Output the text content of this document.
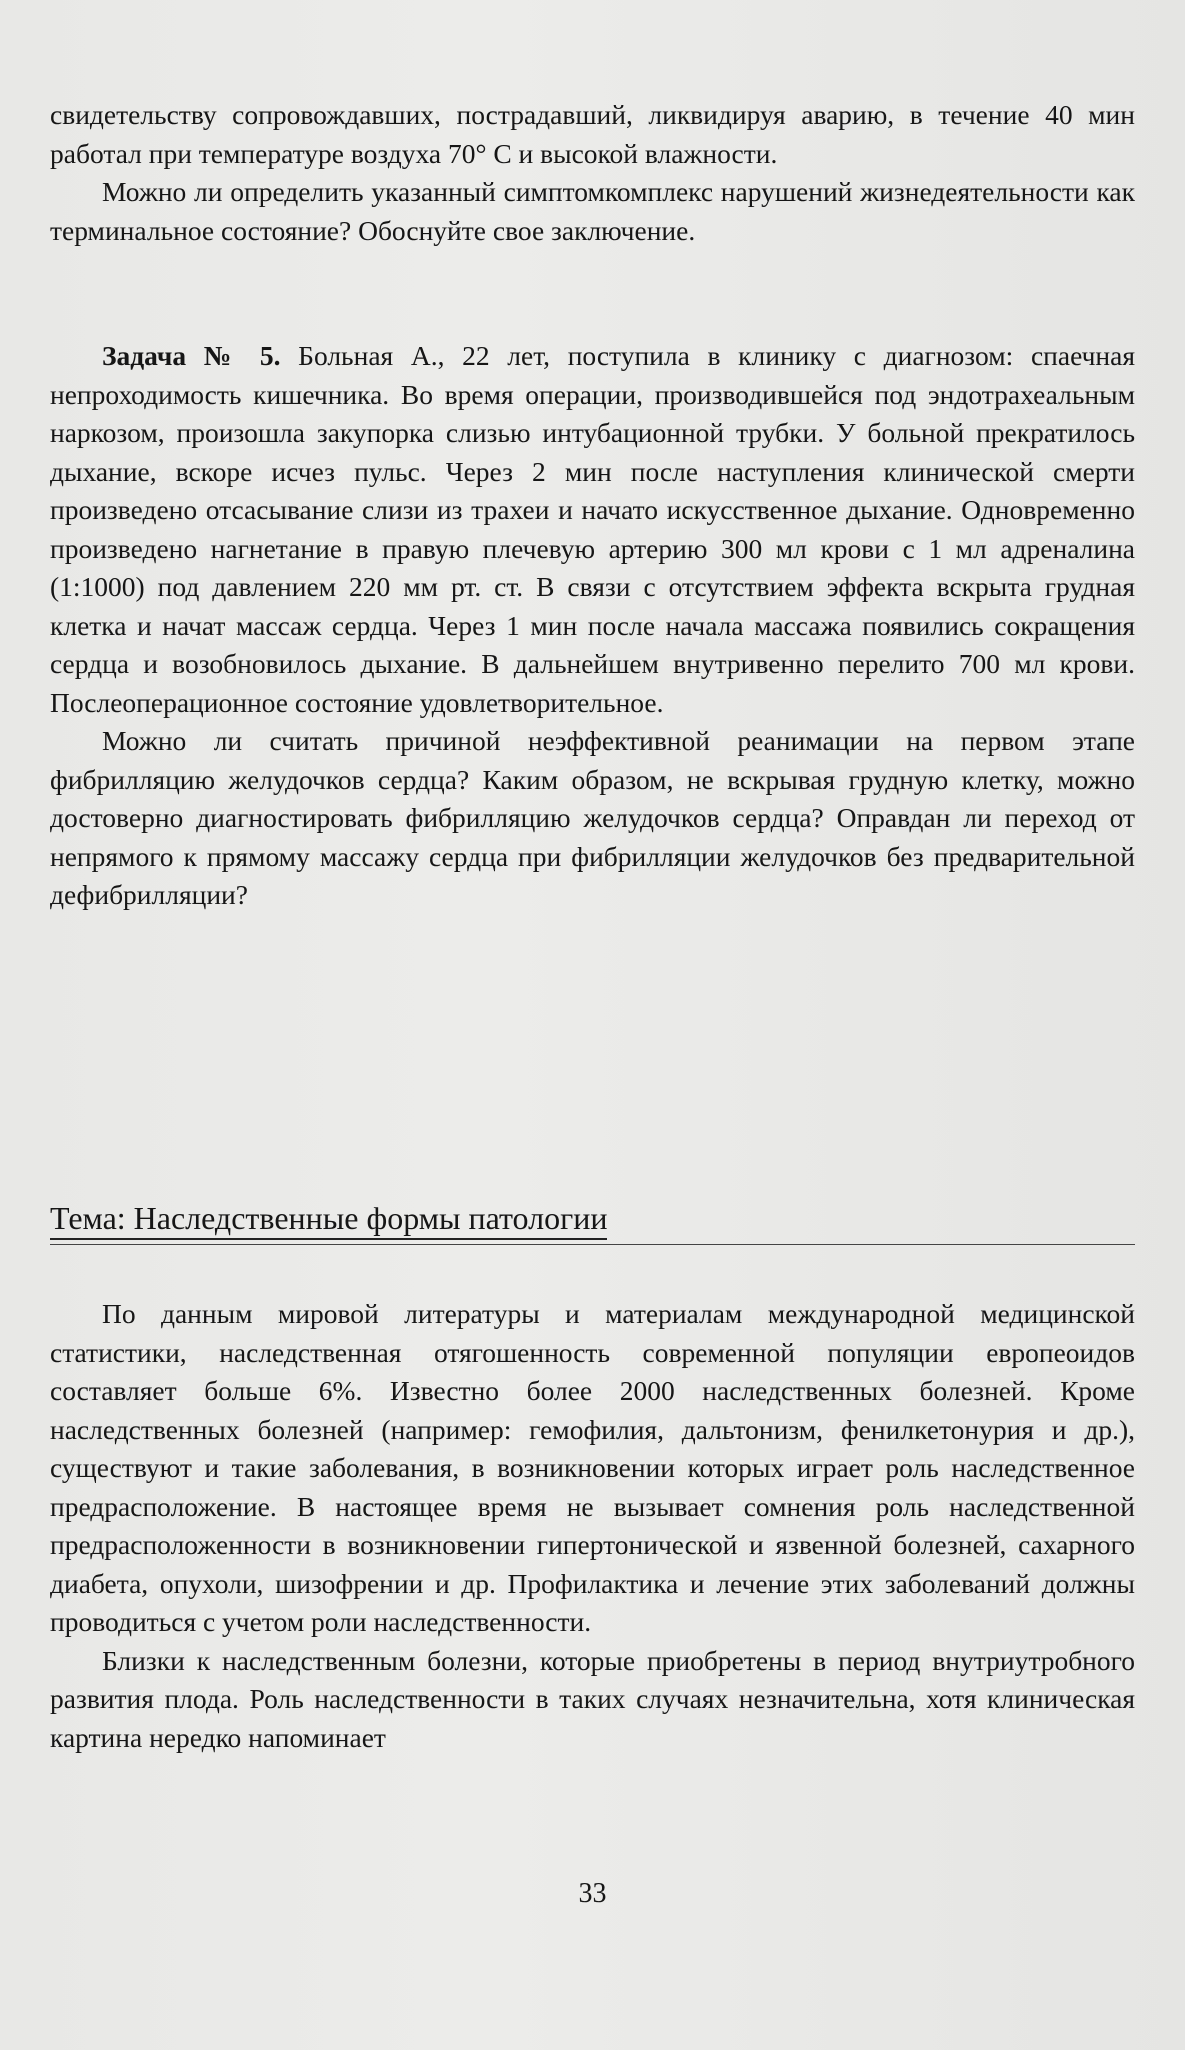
свидетельству сопровождавших, пострадавший, ликвидируя аварию, в течение 40 мин работал при температуре воздуха 70° С и высокой влажности.

Можно ли определить указанный симптомкомплекс нарушений жизнедеятельности как терминальное состояние? Обоснуйте свое заключение.

Задача № 5. Больная А., 22 лет, поступила в клинику с диагнозом: спаечная непроходимость кишечника. Во время операции, производившейся под эндотрахеальным наркозом, произошла закупорка слизью интубационной трубки. У больной прекратилось дыхание, вскоре исчез пульс. Через 2 мин после наступления клинической смерти произведено отсасывание слизи из трахеи и начато искусственное дыхание. Одновременно произведено нагнетание в правую плечевую артерию 300 мл крови с 1 мл адреналина (1:1000) под давлением 220 мм рт. ст. В связи с отсутствием эффекта вскрыта грудная клетка и начат массаж сердца. Через 1 мин после начала массажа появились сокращения сердца и возобновилось дыхание. В дальнейшем внутривенно перелито 700 мл крови. Послеоперационное состояние удовлетворительное.

Можно ли считать причиной неэффективной реанимации на первом этапе фибрилляцию желудочков сердца? Каким образом, не вскрывая грудную клетку, можно достоверно диагностировать фибрилляцию желудочков сердца? Оправдан ли переход от непрямого к прямому массажу сердца при фибрилляции желудочков без предварительной дефибрилляции?

Тема: Наследственные формы патологии

По данным мировой литературы и материалам международной медицинской статистики, наследственная отягошенность современной популяции европеоидов составляет больше 6%. Известно более 2000 наследственных болезней. Кроме наследственных болезней (например: гемофилия, дальтонизм, фенилкетонурия и др.), существуют и такие заболевания, в возникновении которых играет роль наследственное предрасположение. В настоящее время не вызывает сомнения роль наследственной предрасположенности в возникновении гипертонической и язвенной болезней, сахарного диабета, опухоли, шизофрении и др. Профилактика и лечение этих заболеваний должны проводиться с учетом роли наследственности.

Близки к наследственным болезни, которые приобретены в период внутриутробного развития плода. Роль наследственности в таких случаях незначительна, хотя клиническая картина нередко напоминает

33
